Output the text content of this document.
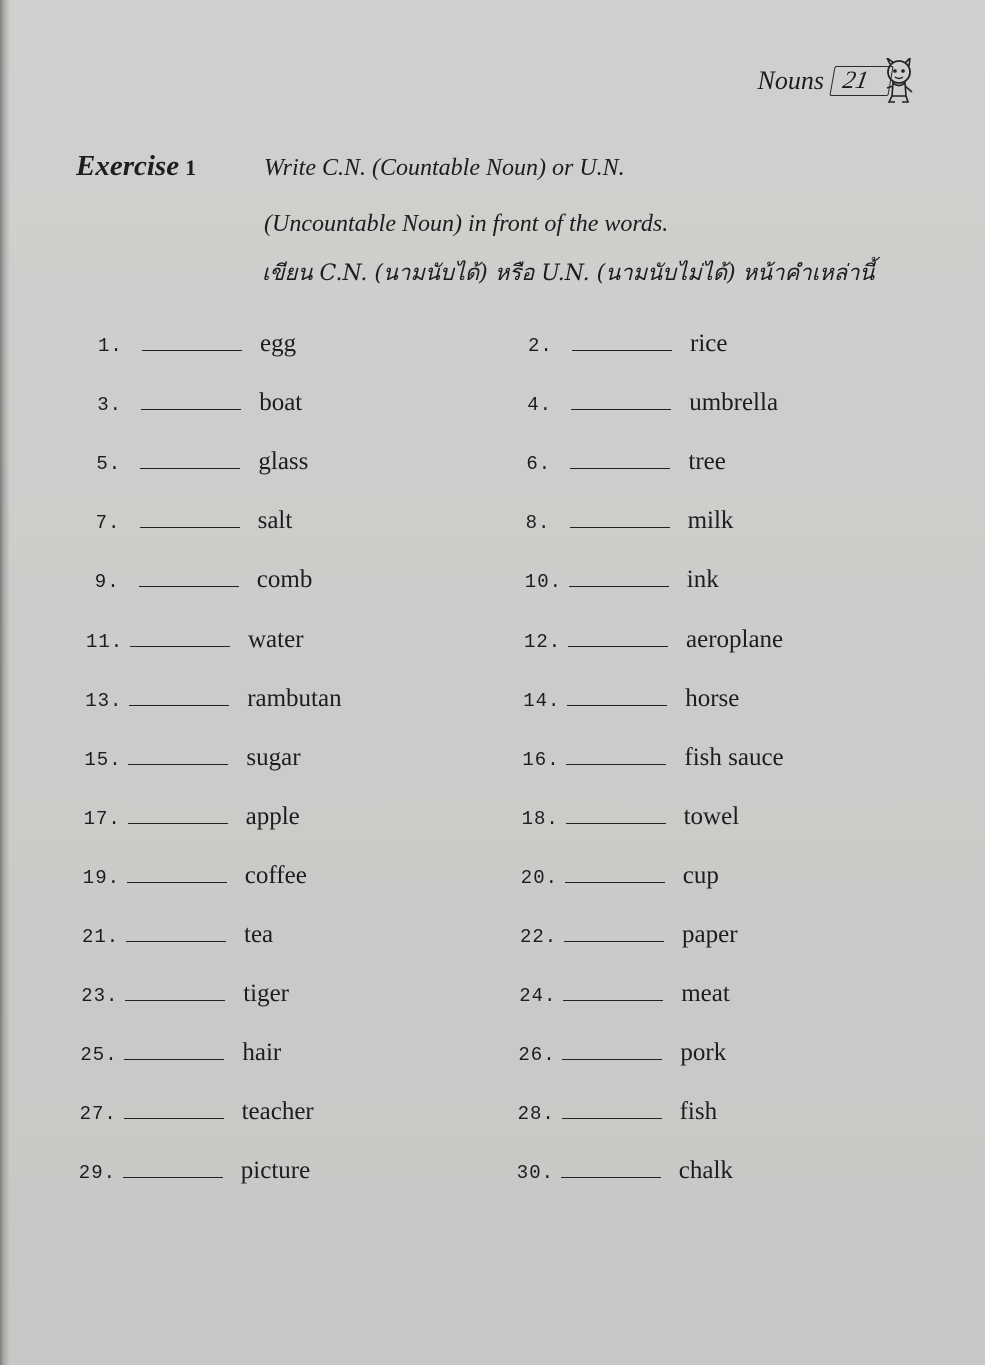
Nouns 21
Exercise 1	Write C.N. (Countable Noun) or U.N.
(Uncountable Noun) in front of the words.
เขียน C.N. (นามนับได้) หรือ U.N. (นามนับไม่ได้) หน้าคำเหล่านี้
1.	egg	2.	rice
3.	boat	4.	umbrella
5.	glass	6.	tree
7.	salt	8.	milk
9.	comb	10.	ink
11.	water	12.	aeroplane
13.	rambutan	14.	horse
15.	sugar	16.	fish sauce
17.	apple	18.	towel
19.	coffee	20.	cup
21.	tea	22.	paper
23.	tiger	24.	meat
25.	hair	26.	pork
27.	teacher	28.	fish
29.	picture	30.	chalk
